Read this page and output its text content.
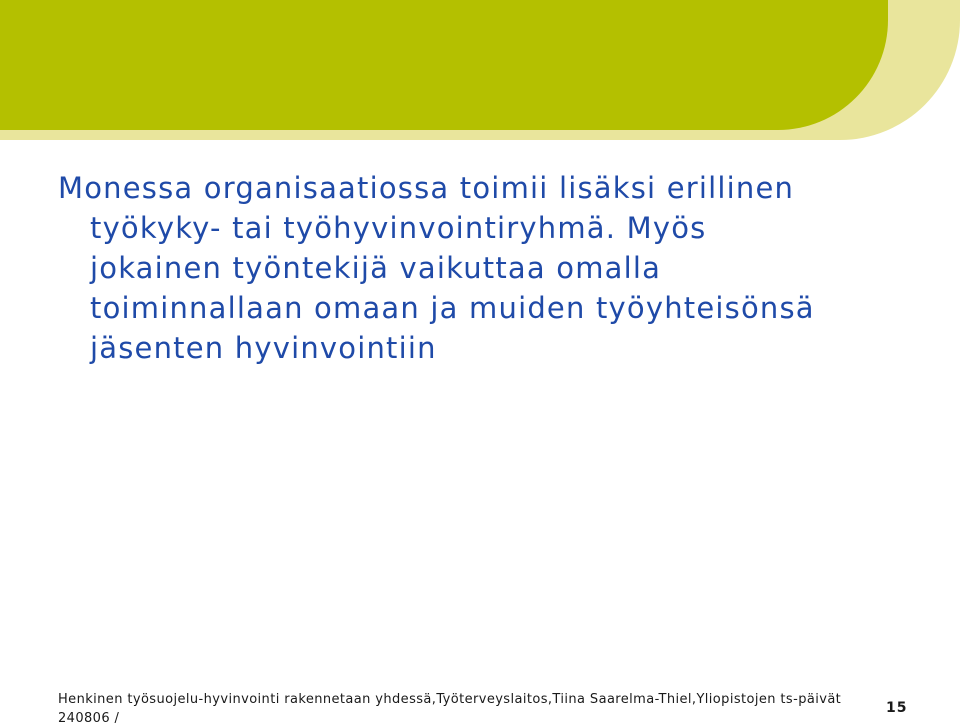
Monessa organisaatiossa toimii lisäksi erillinen
työkyky- tai työhyvinvointiryhmä. Myös
jokainen työntekijä vaikuttaa omalla
toiminnallaan omaan ja muiden työyhteisönsä
jäsenten hyvinvointiin

Henkinen työsuojelu-hyvinvointi rakennetaan yhdessä,Työterveyslaitos,Tiina Saarelma-Thiel,Yliopistojen ts-päivät
240806 /
15
